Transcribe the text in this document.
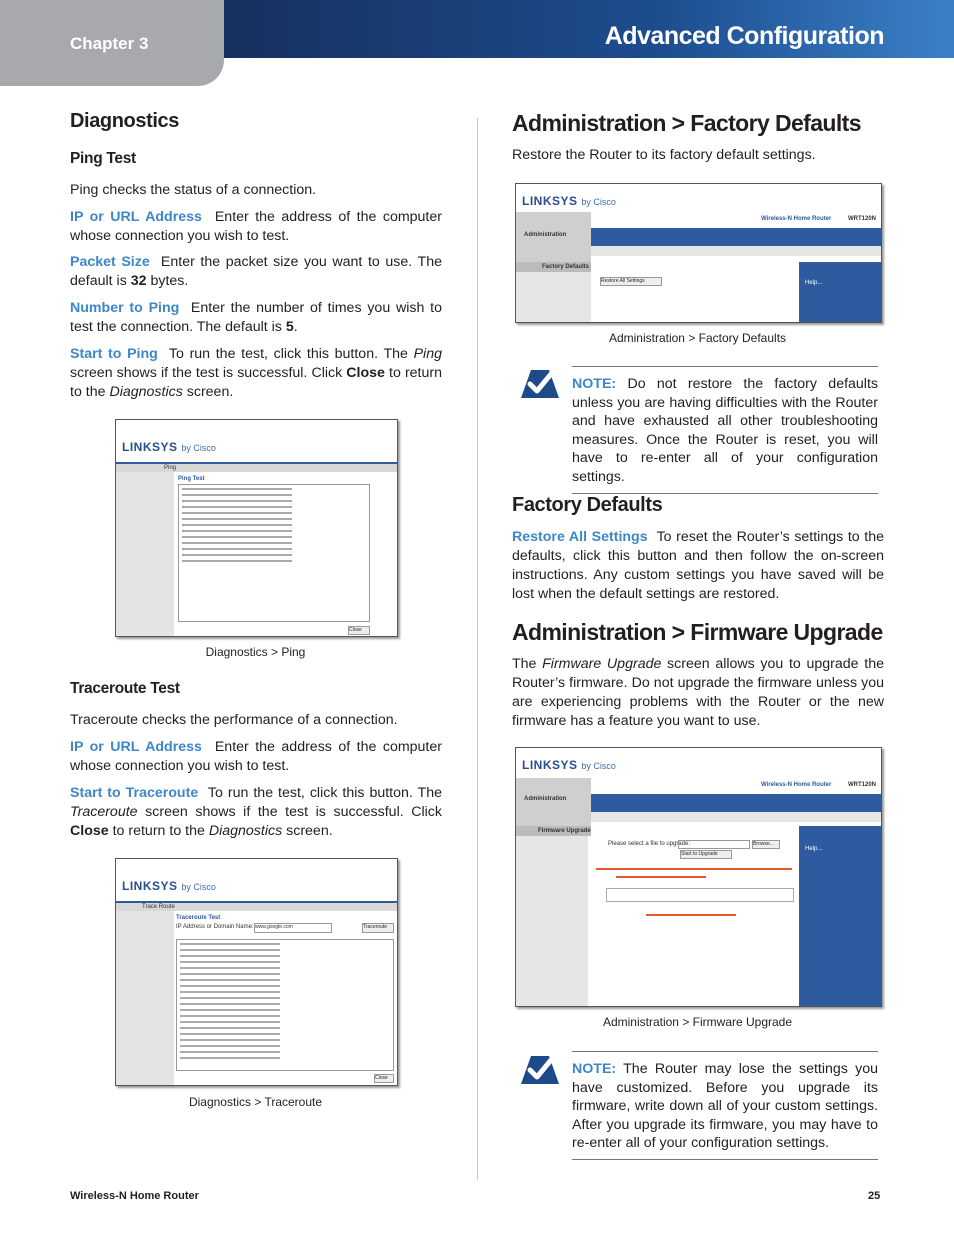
Chapter 3	Advanced Configuration
Diagnostics
Ping Test

Ping checks the status of a connection.

IP or URL Address Enter the address of the computer whose connection you wish to test.

Packet Size Enter the packet size you want to use. The default is 32 bytes.

Number to Ping Enter the number of times you wish to test the connection. The default is 5.

Start to Ping To run the test, click this button. The Ping screen shows if the test is successful. Click Close to return to the Diagnostics screen.

LINKSYS by Cisco
Ping
Ping Test
Close
Diagnostics > Ping
Traceroute Test

Traceroute checks the performance of a connection.

IP or URL Address Enter the address of the computer whose connection you wish to test.

Start to Traceroute To run the test, click this button. The Traceroute screen shows if the test is successful. Click Close to return to the Diagnostics screen.

LINKSYS by Cisco
Trace Route
Traceroute Test
IP Address or Domain Name: www.google.com	Traceroute
Close
Diagnostics > Traceroute
Administration > Factory Defaults

Restore the Router to its factory default settings.

LINKSYS by Cisco
Wireless-N Home Router	WRT120N
Administration
Factory Defaults
Help...
Restore All Settings
CISCO
Administration > Factory Defaults

NOTE: Do not restore the factory defaults unless you are having difficulties with the Router and have exhausted all other troubleshooting measures. Once the Router is reset, you will have to re-enter all of your configuration settings.

Factory Defaults

Restore All Settings To reset the Router’s settings to the defaults, click this button and then follow the on-screen instructions. Any custom settings you have saved will be lost when the default settings are restored.

Administration > Firmware Upgrade

The Firmware Upgrade screen allows you to upgrade the Router’s firmware. Do not upgrade the firmware unless you are experiencing problems with the Router or the new firmware has a feature you want to use.

LINKSYS by Cisco
Wireless-N Home Router	WRT120N
Administration
Firmware Upgrade
Help...
Please select a file to upgrade:	Browse...
Start to Upgrade
CISCO
Administration > Firmware Upgrade

NOTE: The Router may lose the settings you have customized. Before you upgrade its firmware, write down all of your custom settings. After you upgrade its firmware, you may have to re-enter all of your configuration settings.

Wireless-N Home Router	25
